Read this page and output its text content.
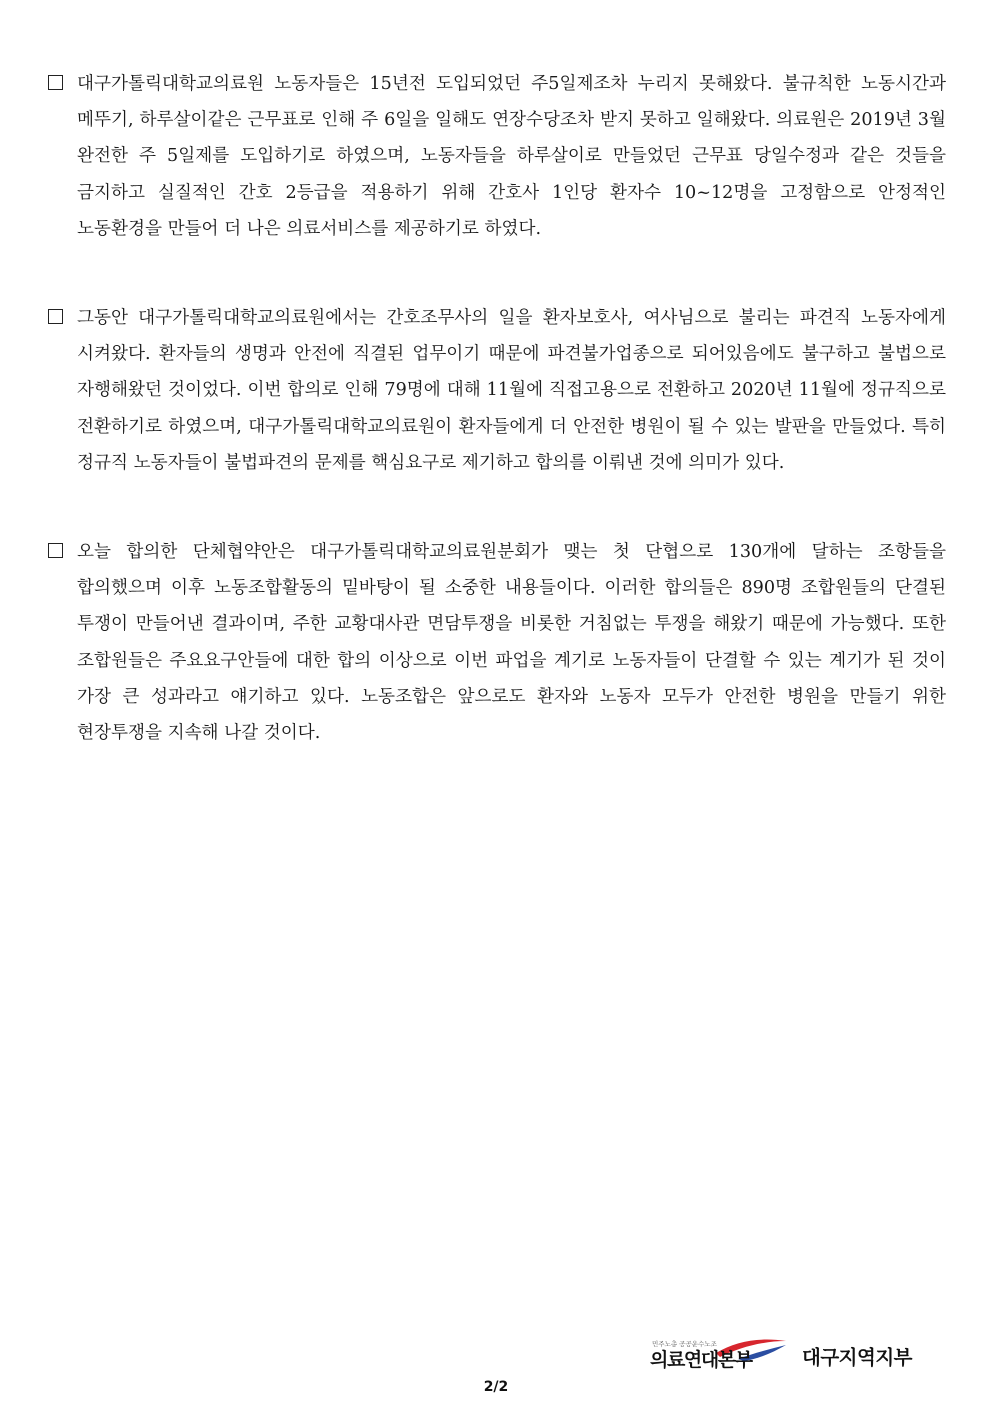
대구가톨릭대학교의료원 노동자들은 15년전 도입되었던 주5일제조차 누리지 못해왔다. 불규칙한 노동시간과 메뚜기, 하루살이같은 근무표로 인해 주 6일을 일해도 연장수당조차 받지 못하고 일해왔다. 의료원은 2019년 3월 완전한 주 5일제를 도입하기로 하였으며, 노동자들을 하루살이로 만들었던 근무표 당일수정과 같은 것들을 금지하고 실질적인 간호 2등급을 적용하기 위해 간호사 1인당 환자수 10~12명을 고정함으로 안정적인 노동환경을 만들어 더 나은 의료서비스를 제공하기로 하였다.
그동안 대구가톨릭대학교의료원에서는 간호조무사의 일을 환자보호사, 여사님으로 불리는 파견직 노동자에게 시켜왔다. 환자들의 생명과 안전에 직결된 업무이기 때문에 파견불가업종으로 되어있음에도 불구하고 불법으로 자행해왔던 것이었다. 이번 합의로 인해 79명에 대해 11월에 직접고용으로 전환하고 2020년 11월에 정규직으로 전환하기로 하였으며, 대구가톨릭대학교의료원이 환자들에게 더 안전한 병원이 될 수 있는 발판을 만들었다. 특히 정규직 노동자들이 불법파견의 문제를 핵심요구로 제기하고 합의를 이뤄낸 것에 의미가 있다.
오늘 합의한 단체협약안은 대구가톨릭대학교의료원분회가 맺는 첫 단협으로 130개에 달하는 조항들을 합의했으며 이후 노동조합활동의 밑바탕이 될 소중한 내용들이다. 이러한 합의들은 890명 조합원들의 단결된 투쟁이 만들어낸 결과이며, 주한 교황대사관 면담투쟁을 비롯한 거침없는 투쟁을 해왔기 때문에 가능했다. 또한 조합원들은 주요요구안들에 대한 합의 이상으로 이번 파업을 계기로 노동자들이 단결할 수 있는 계기가 된 것이 가장 큰 성과라고 얘기하고 있다. 노동조합은 앞으로도 환자와 노동자 모두가 안전한 병원을 만들기 위한 현장투쟁을 지속해 나갈 것이다.
민주노총 공공운수노조
의료연대본부	대구지역지부
2/2
